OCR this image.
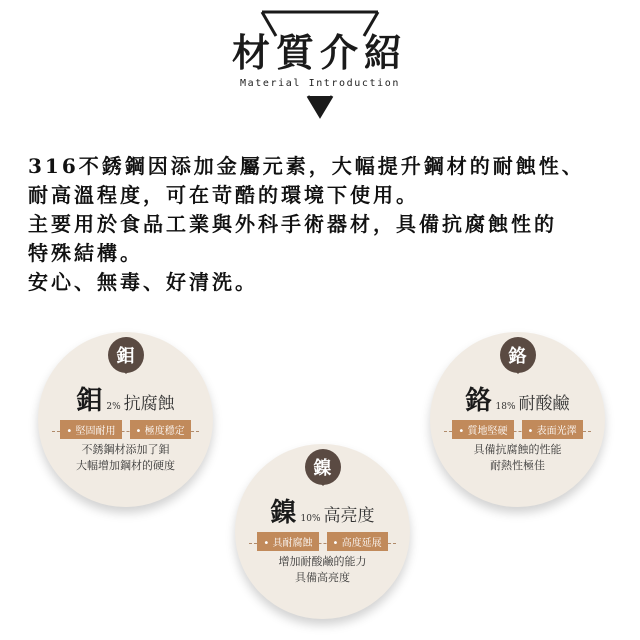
材質介紹
Material Introduction

316不銹鋼因添加金屬元素，大幅提升鋼材的耐蝕性、

耐高溫程度，可在苛酷的環境下使用。

主要用於食品工業與外科手術器材，具備抗腐蝕性的

特殊結構。

安心、無毒、好清洗。

鉬
鉬 2% 抗腐蝕
• 堅固耐用	• 極度穩定
不銹鋼材添加了鉬
大幅增加鋼材的硬度
鉻
鉻 18% 耐酸鹼
• 質地堅硬	• 表面光澤
具備抗腐蝕的性能
耐熱性極佳
鎳
鎳 10% 高亮度
• 具耐腐蝕	• 高度延展
增加耐酸鹼的能力
具備高亮度
